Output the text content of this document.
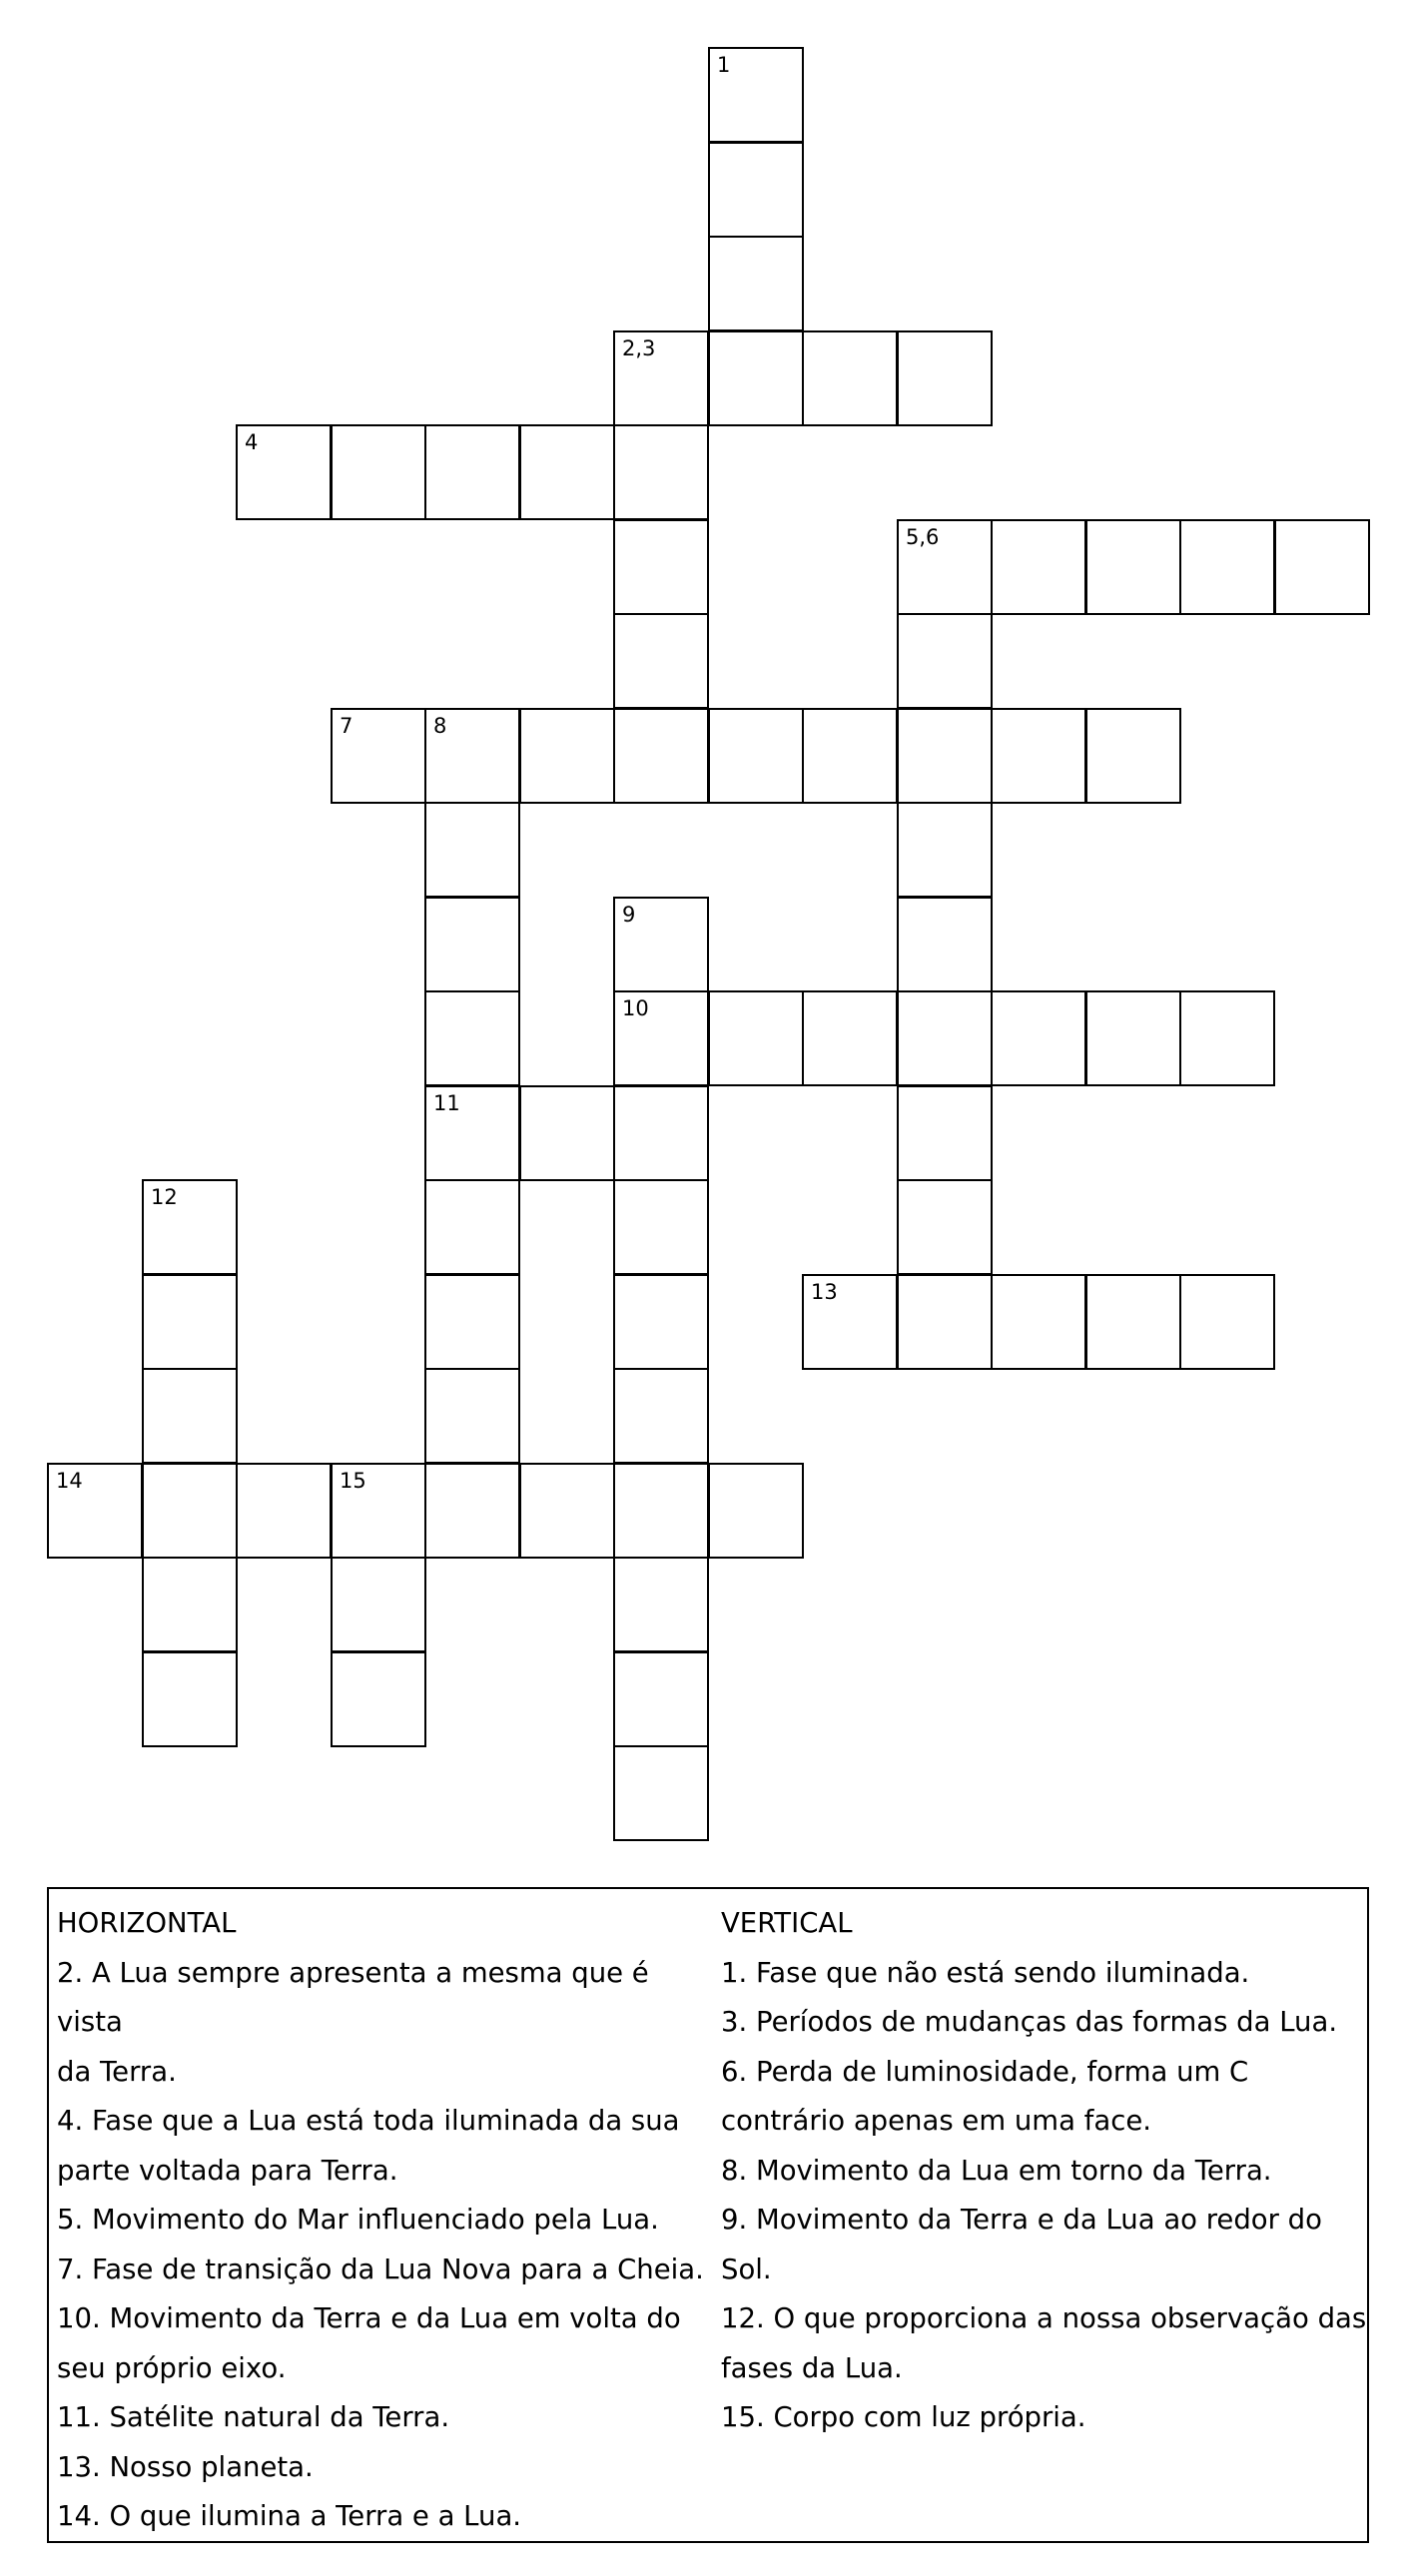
1
2,3
4
5,6
7	8
9
10
11
12
13
14	15
HORIZONTAL
2. A Lua sempre apresenta a mesma que é vista
da Terra.
4. Fase que a Lua está toda iluminada da sua
parte voltada para Terra.
5. Movimento do Mar influenciado pela Lua.
7. Fase de transição da Lua Nova para a Cheia.
10. Movimento da Terra e da Lua em volta do
seu próprio eixo.
11. Satélite natural da Terra.
13. Nosso planeta.
14. O que ilumina a Terra e a Lua.
VERTICAL
1. Fase que não está sendo iluminada.
3. Períodos de mudanças das formas da Lua.
6. Perda de luminosidade, forma um C
contrário apenas em uma face.
8. Movimento da Lua em torno da Terra.
9. Movimento da Terra e da Lua ao redor do
Sol.
12. O que proporciona a nossa observação das
fases da Lua.
15. Corpo com luz própria.
